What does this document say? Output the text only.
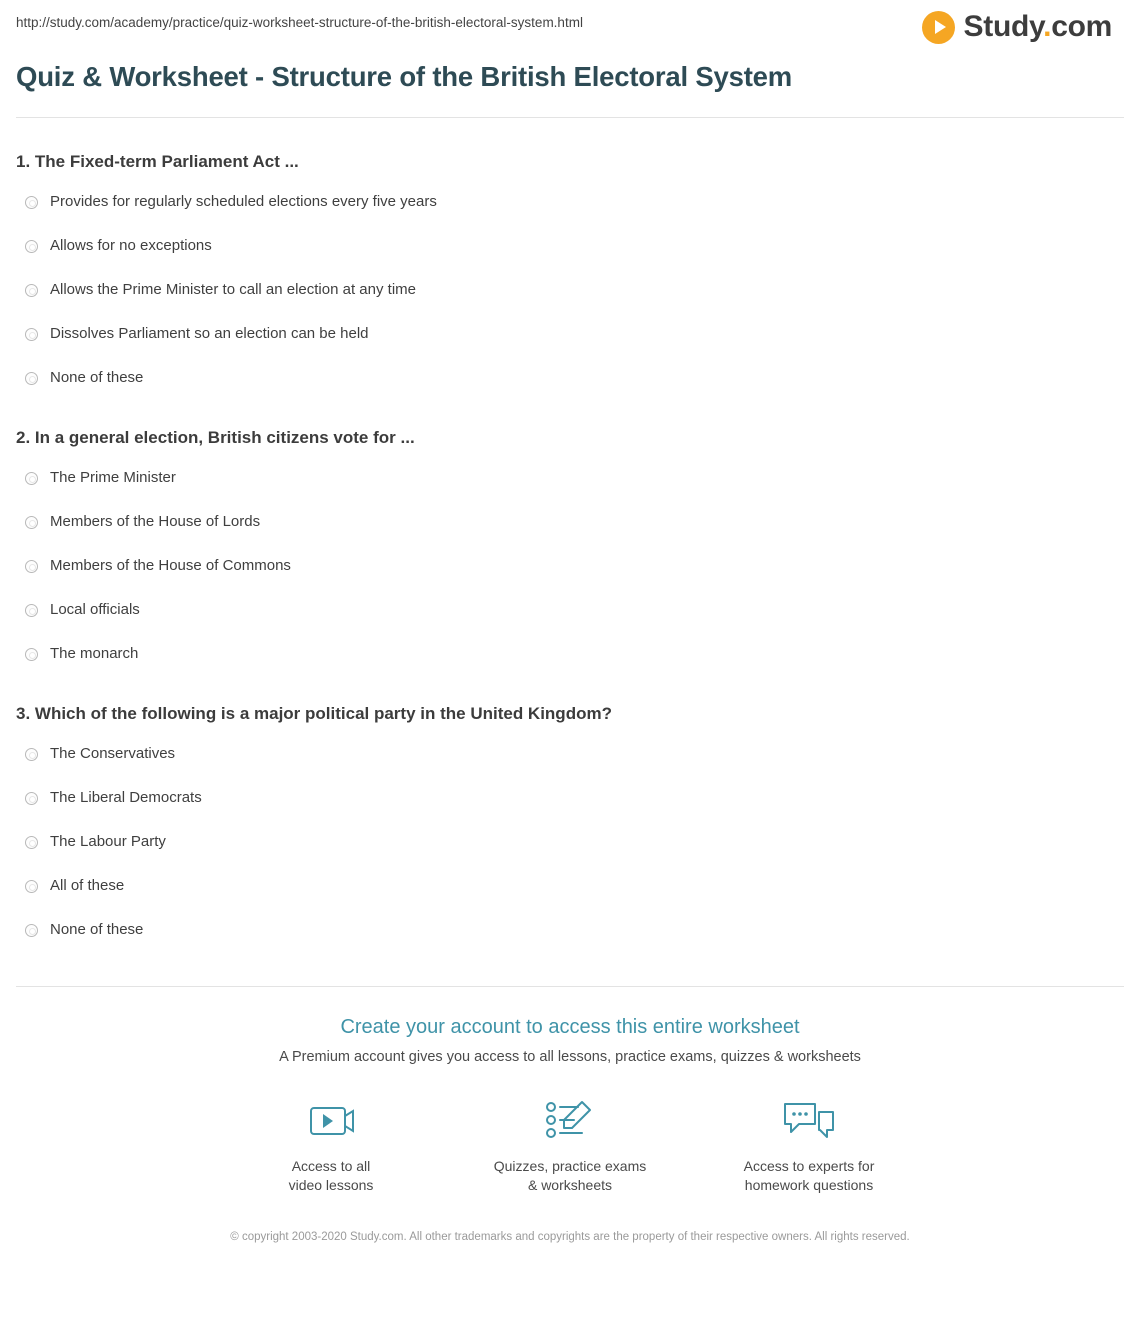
http://study.com/academy/practice/quiz-worksheet-structure-of-the-british-electoral-system.html	Study.com
Quiz & Worksheet - Structure of the British Electoral System

1. The Fixed-term Parliament Act ...

Provides for regularly scheduled elections every five years
Allows for no exceptions
Allows the Prime Minister to call an election at any time
Dissolves Parliament so an election can be held
None of these

2. In a general election, British citizens vote for ...

The Prime Minister
Members of the House of Lords
Members of the House of Commons
Local officials
The monarch

3. Which of the following is a major political party in the United Kingdom?

The Conservatives
The Liberal Democrats
The Labour Party
All of these
None of these
Create your account to access this entire worksheet
A Premium account gives you access to all lessons, practice exams, quizzes & worksheets
Access to all
video lessons
Quizzes, practice exams
& worksheets
Access to experts for
homework questions
© copyright 2003-2020 Study.com. All other trademarks and copyrights are the property of their respective owners. All rights reserved.
